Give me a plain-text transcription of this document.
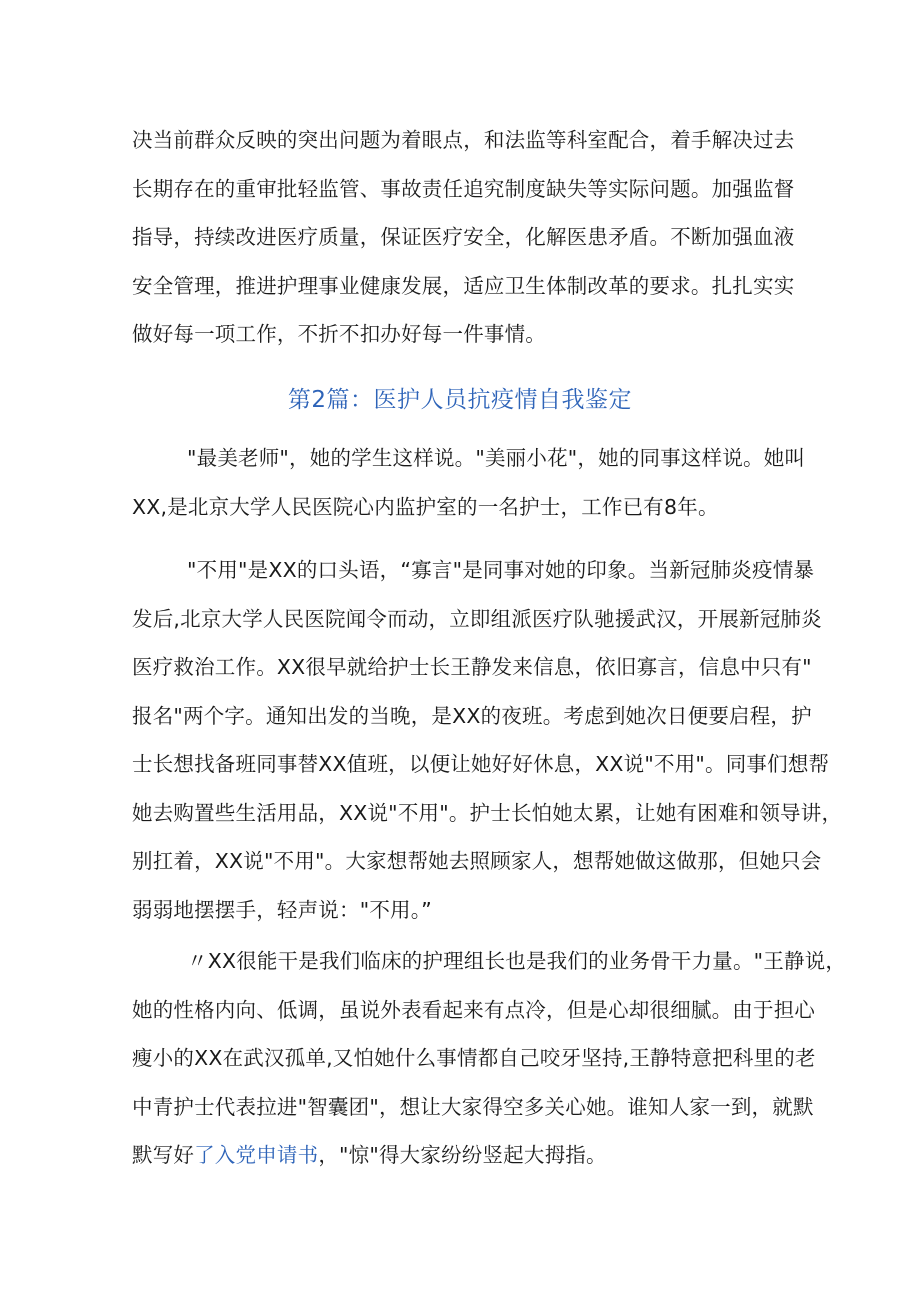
决当前群众反映的突出问题为着眼点，和法监等科室配合，着手解决过去
长期存在的重审批轻监管、事故责任追究制度缺失等实际问题。加强监督
指导，持续改进医疗质量，保证医疗安全，化解医患矛盾。不断加强血液
安全管理，推进护理事业健康发展，适应卫生体制改革的要求。扎扎实实
做好每一项工作，不折不扣办好每一件事情。
第2篇：医护人员抗疫情自我鉴定
"最美老师"，她的学生这样说。"美丽小花"，她的同事这样说。她叫
XX,是北京大学人民医院心内监护室的一名护士，工作已有8年。
"不用"是XX的口头语，“寡言"是同事对她的印象。当新冠肺炎疫情暴
发后,北京大学人民医院闻令而动，立即组派医疗队驰援武汉，开展新冠肺炎
医疗救治工作。XX很早就给护士长王静发来信息，依旧寡言，信息中只有"
报名"两个字。通知出发的当晚，是XX的夜班。考虑到她次日便要启程，护
士长想找备班同事替XX值班，以便让她好好休息，XX说"不用"。同事们想帮
她去购置些生活用品，XX说"不用"。护士长怕她太累，让她有困难和领导讲，
别扛着，XX说"不用"。大家想帮她去照顾家人，想帮她做这做那，但她只会
弱弱地摆摆手，轻声说："不用。”
〃XX很能干是我们临床的护理组长也是我们的业务骨干力量。"王静说，
她的性格内向、低调，虽说外表看起来有点冷，但是心却很细腻。由于担心
瘦小的XX在武汉孤单,又怕她什么事情都自己咬牙坚持,王静特意把科里的老
中青护士代表拉进"智囊团"，想让大家得空多关心她。谁知人家一到，就默
默写好了入党申请书，"惊"得大家纷纷竖起大拇指。
